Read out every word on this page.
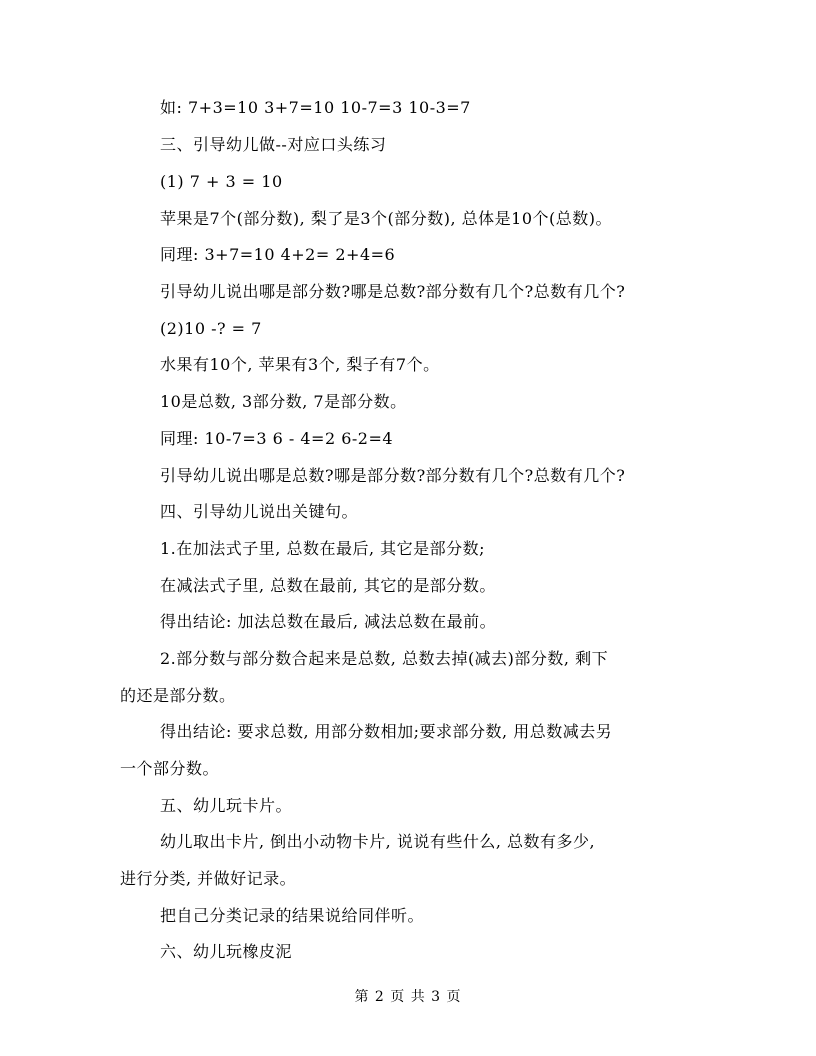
如: 7+3=10 3+7=10 10-7=3 10-3=7
三、引导幼儿做--对应口头练习
(1) 7 + 3 = 10
苹果是7个(部分数), 梨了是3个(部分数), 总体是10个(总数)。
同理: 3+7=10 4+2= 2+4=6
引导幼儿说出哪是部分数?哪是总数?部分数有几个?总数有几个?
(2)10 -? = 7
水果有10个, 苹果有3个, 梨子有7个。
10是总数, 3部分数, 7是部分数。
同理: 10-7=3 6 - 4=2 6-2=4
引导幼儿说出哪是总数?哪是部分数?部分数有几个?总数有几个?
四、引导幼儿说出关键句。
1.在加法式子里, 总数在最后, 其它是部分数;
在减法式子里, 总数在最前, 其它的是部分数。
得出结论: 加法总数在最后, 减法总数在最前。
2.部分数与部分数合起来是总数, 总数去掉(减去)部分数, 剩下
的还是部分数。
得出结论: 要求总数, 用部分数相加;要求部分数, 用总数减去另
一个部分数。
五、幼儿玩卡片。
幼儿取出卡片, 倒出小动物卡片, 说说有些什么, 总数有多少,
进行分类, 并做好记录。
把自己分类记录的结果说给同伴听。
六、幼儿玩橡皮泥
第 2 页 共 3 页
